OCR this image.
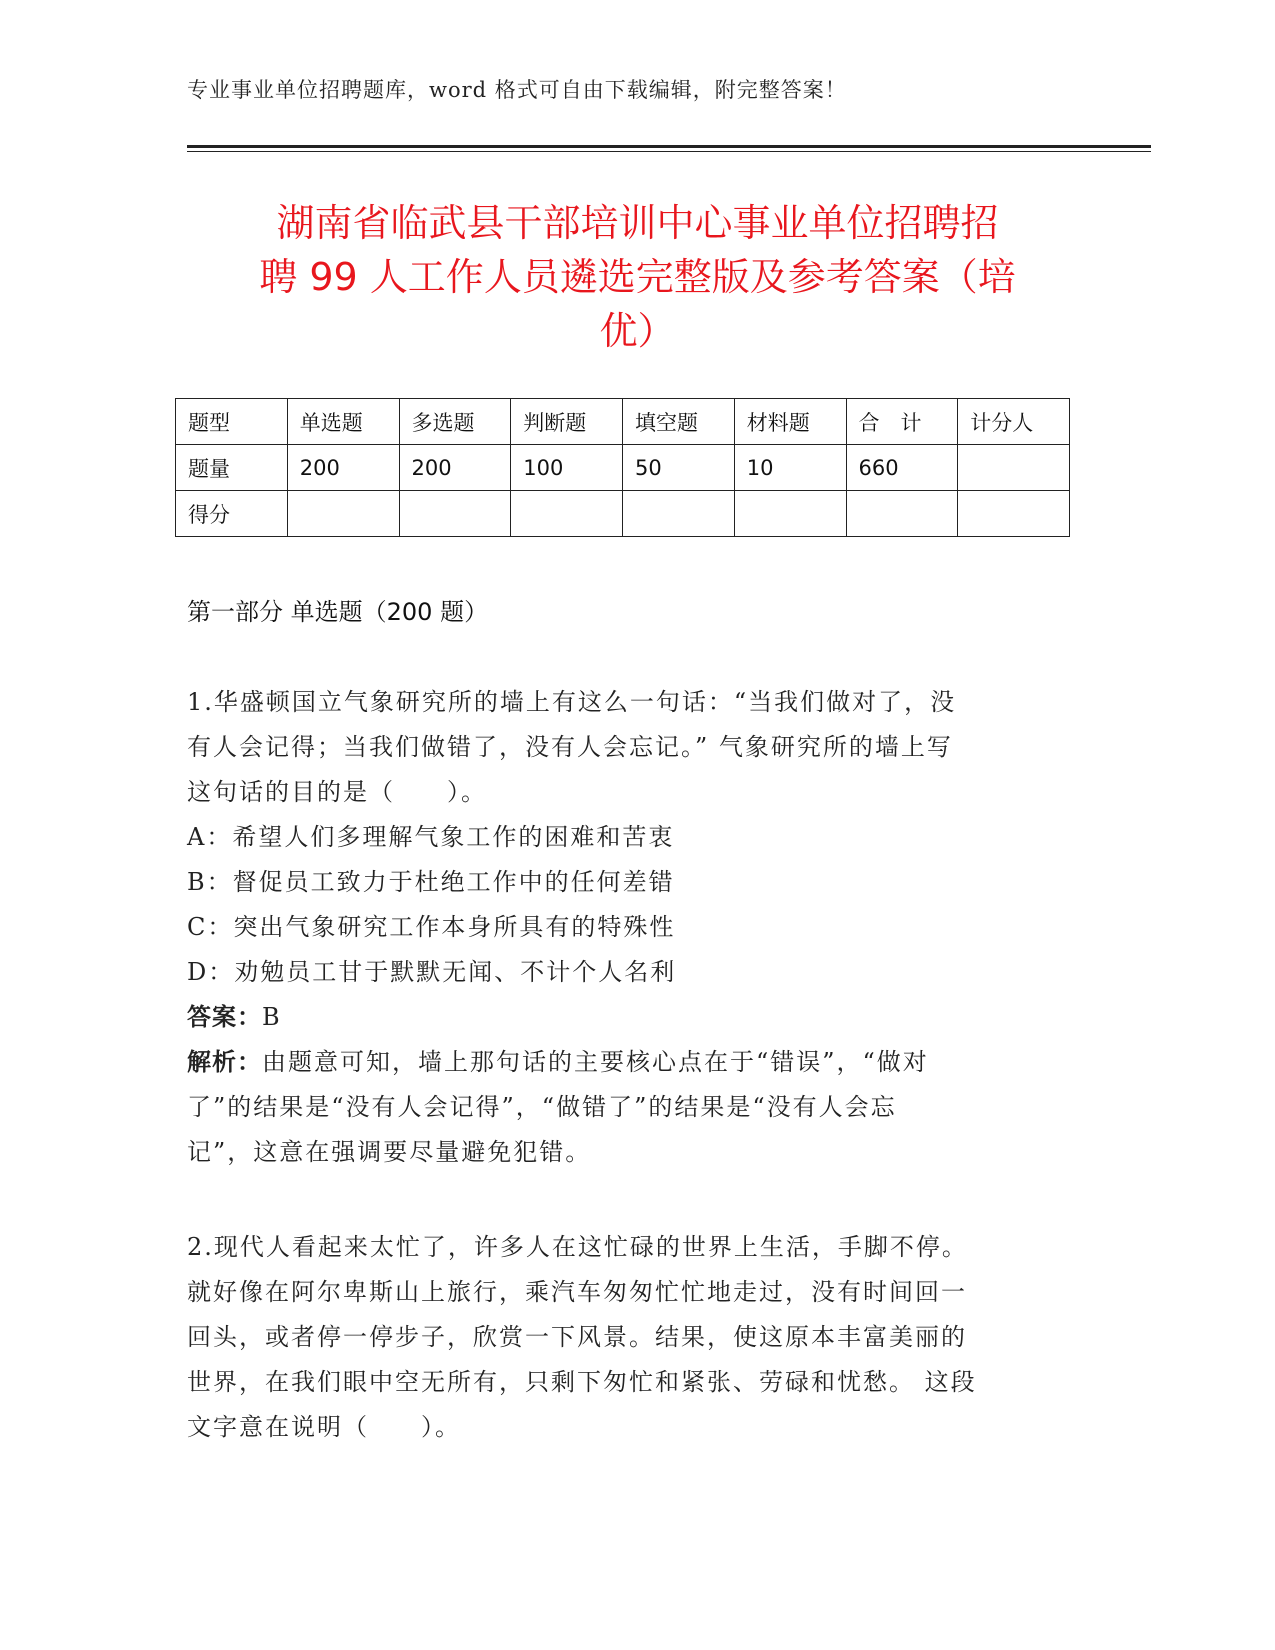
专业事业单位招聘题库，word 格式可自由下载编辑，附完整答案！
湖南省临武县干部培训中心事业单位招聘招
聘 99 人工作人员遴选完整版及参考答案（培
优）
题型	单选题	多选题	判断题	填空题	材料题	合　计	计分人
题量	200	200	100	50	10	660	
得分							
第一部分 单选题（200 题）
1.华盛顿国立气象研究所的墙上有这么一句话：“当我们做对了，没
有人会记得；当我们做错了，没有人会忘记。” 气象研究所的墙上写
这句话的目的是（　　）。
A：希望人们多理解气象工作的困难和苦衷
B：督促员工致力于杜绝工作中的任何差错
C：突出气象研究工作本身所具有的特殊性
D：劝勉员工甘于默默无闻、不计个人名利
答案：B
解析：由题意可知，墙上那句话的主要核心点在于“错误”，“做对
了”的结果是“没有人会记得”，“做错了”的结果是“没有人会忘
记”，这意在强调要尽量避免犯错。
2.现代人看起来太忙了，许多人在这忙碌的世界上生活，手脚不停。
就好像在阿尔卑斯山上旅行，乘汽车匆匆忙忙地走过，没有时间回一
回头，或者停一停步子，欣赏一下风景。结果，使这原本丰富美丽的
世界，在我们眼中空无所有，只剩下匆忙和紧张、劳碌和忧愁。 这段
文字意在说明（　　）。
